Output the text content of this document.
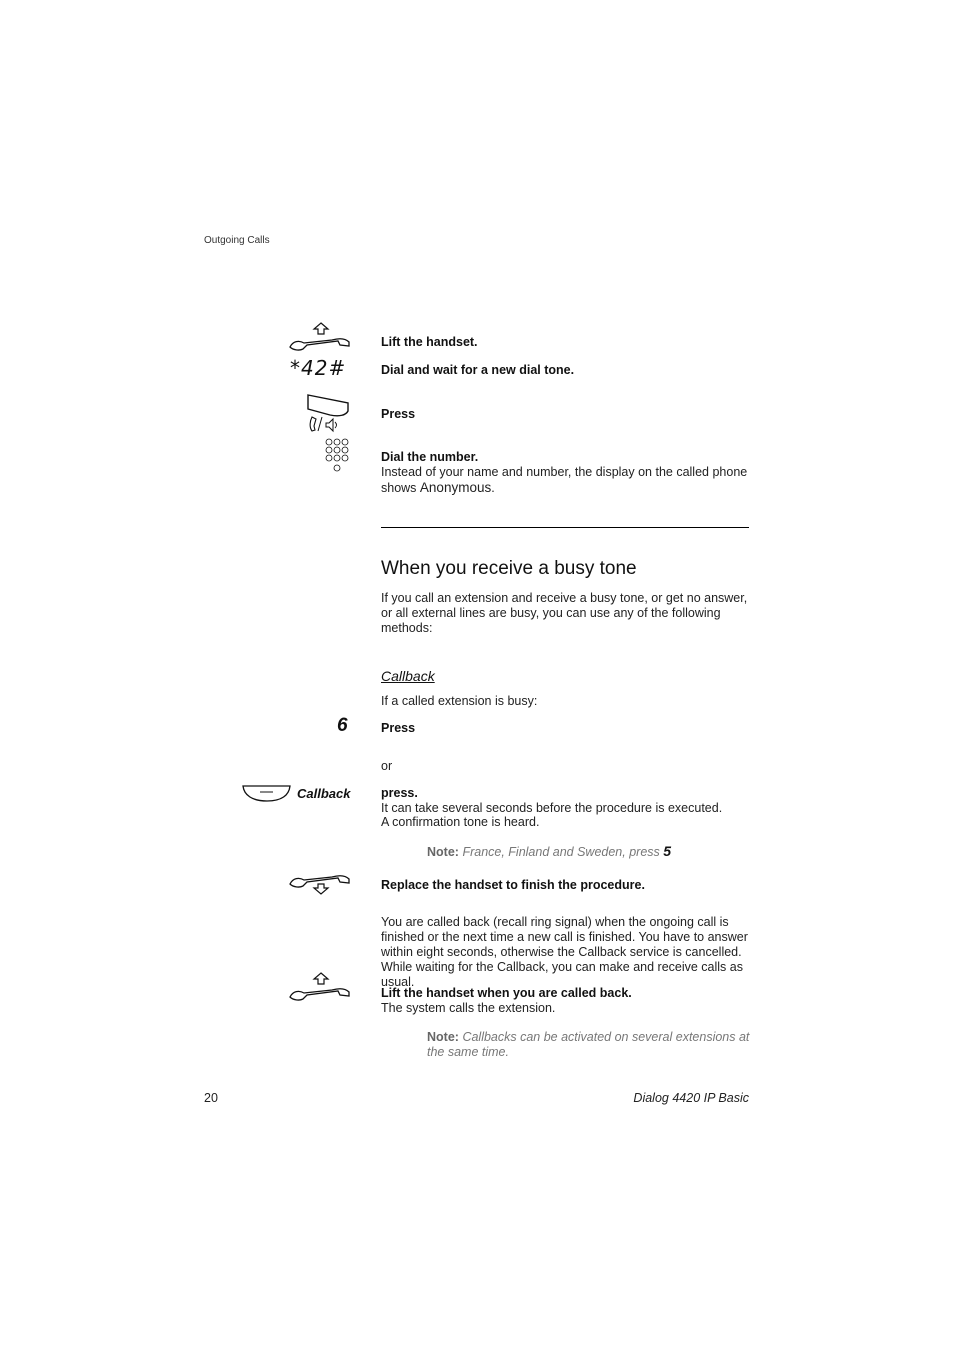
Outgoing Calls
Lift the handset.
*42#	Dial and wait for a new dial tone.
Press
Dial the number.
Instead of your name and number, the display on the called phone shows Anonymous.
When you receive a busy tone
If you call an extension and receive a busy tone, or get no answer, or all external lines are busy, you can use any of the following methods:
Callback
If a called extension is busy:
6	Press
or
Callback press.
It can take several seconds before the procedure is executed.
A confirmation tone is heard.
Note: France, Finland and Sweden, press 5
Replace the handset to finish the procedure.
You are called back (recall ring signal) when the ongoing call is finished or the next time a new call is finished. You have to answer within eight seconds, otherwise the Callback service is cancelled. While waiting for the Callback, you can make and receive calls as usual.
Lift the handset when you are called back.
The system calls the extension.
Note: Callbacks can be activated on several extensions at the same time.
20	Dialog 4420 IP Basic
